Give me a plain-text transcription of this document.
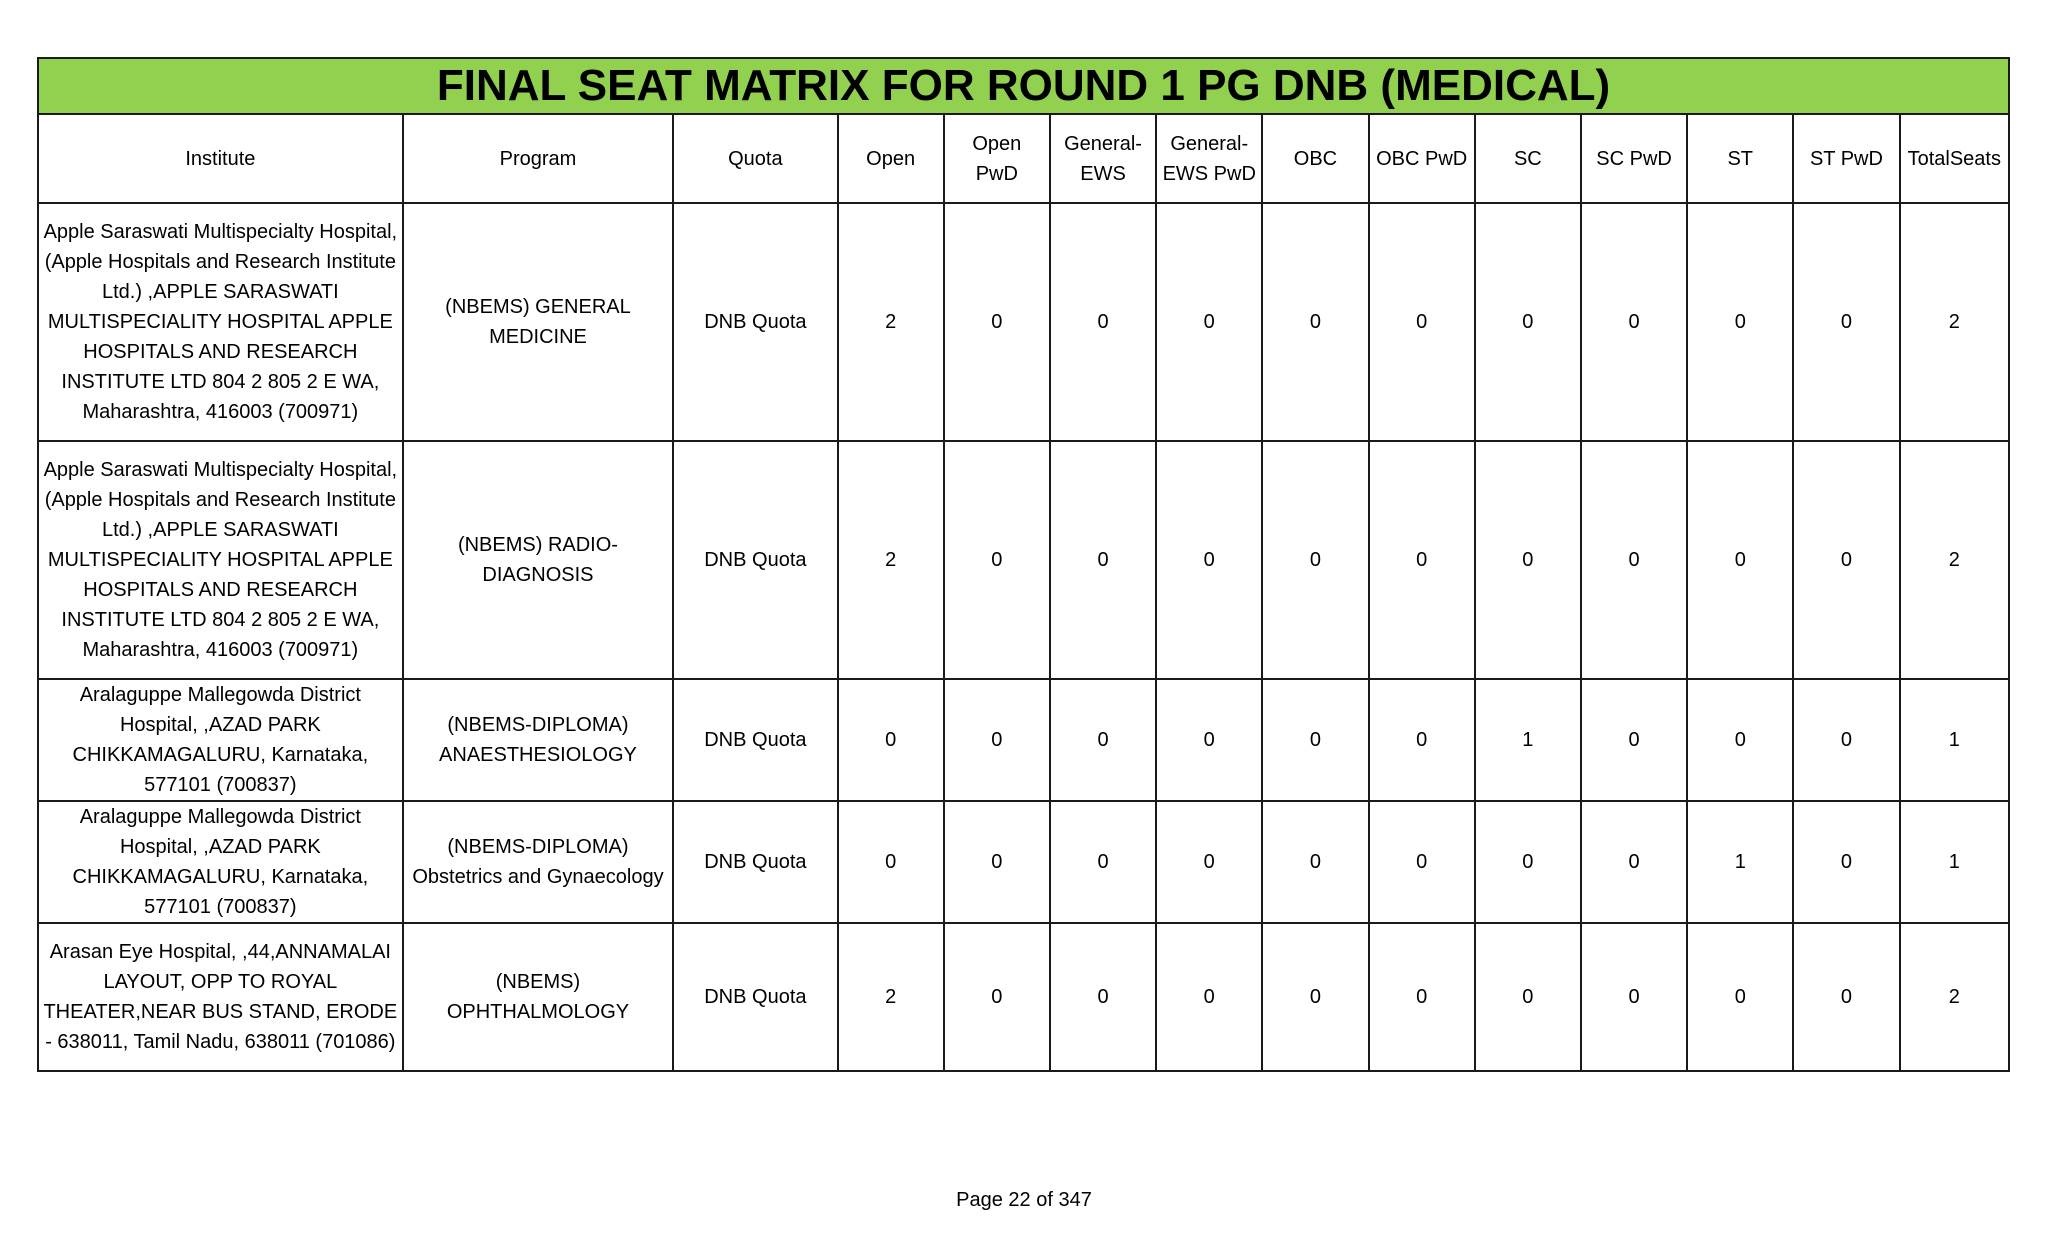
FINAL SEAT MATRIX FOR ROUND 1 PG DNB (MEDICAL)													
Institute	Program	Quota	Open	Open PwD	General-EWS	General-EWS PwD	OBC	OBC PwD	SC	SC PwD	ST	ST PwD	TotalSeats
Apple Saraswati Multispecialty Hospital, (Apple Hospitals and Research Institute Ltd.) ,APPLE SARASWATI MULTISPECIALITY HOSPITAL APPLE HOSPITALS AND RESEARCH INSTITUTE LTD 804 2 805 2 E WA, Maharashtra, 416003 (700971)	(NBEMS) GENERAL MEDICINE	DNB Quota	2	0	0	0	0	0	0	0	0	0	2
Apple Saraswati Multispecialty Hospital, (Apple Hospitals and Research Institute Ltd.) ,APPLE SARASWATI MULTISPECIALITY HOSPITAL APPLE HOSPITALS AND RESEARCH INSTITUTE LTD 804 2 805 2 E WA, Maharashtra, 416003 (700971)	(NBEMS) RADIO-DIAGNOSIS	DNB Quota	2	0	0	0	0	0	0	0	0	0	2
Aralaguppe Mallegowda District Hospital, ,AZAD PARK CHIKKAMAGALURU, Karnataka, 577101 (700837)	(NBEMS-DIPLOMA) ANAESTHESIOLOGY	DNB Quota	0	0	0	0	0	0	1	0	0	0	1
Aralaguppe Mallegowda District Hospital, ,AZAD PARK CHIKKAMAGALURU, Karnataka, 577101 (700837)	(NBEMS-DIPLOMA) Obstetrics and Gynaecology	DNB Quota	0	0	0	0	0	0	0	0	1	0	1
Arasan Eye Hospital, ,44,ANNAMALAI LAYOUT, OPP TO ROYAL THEATER,NEAR BUS STAND, ERODE - 638011, Tamil Nadu, 638011 (701086)	(NBEMS) OPHTHALMOLOGY	DNB Quota	2	0	0	0	0	0	0	0	0	0	2
Page 22 of 347
